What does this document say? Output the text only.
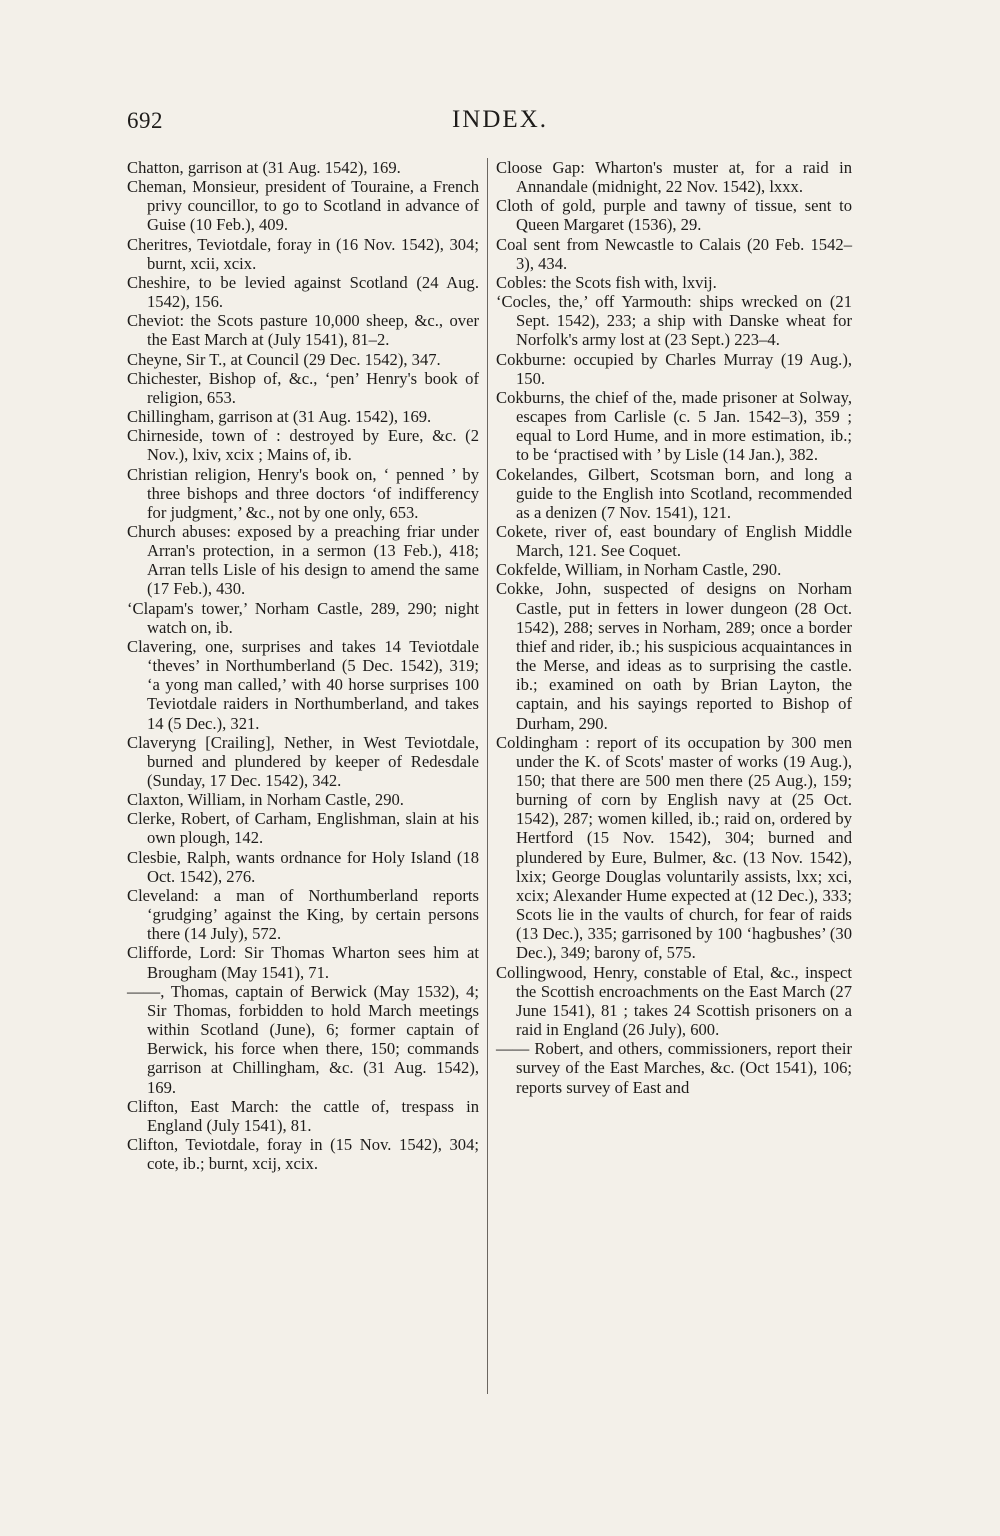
692	INDEX.

Chatton, garrison at (31 Aug. 1542), 169.

Cheman, Monsieur, president of Touraine, a French privy councillor, to go to Scotland in advance of Guise (10 Feb.), 409.

Cheritres, Teviotdale, foray in (16 Nov. 1542), 304; burnt, xcii, xcix.

Cheshire, to be levied against Scotland (24 Aug. 1542), 156.

Cheviot: the Scots pasture 10,000 sheep, &c., over the East March at (July 1541), 81–2.

Cheyne, Sir T., at Council (29 Dec. 1542), 347.

Chichester, Bishop of, &c., ‘pen’ Henry's book of religion, 653.

Chillingham, garrison at (31 Aug. 1542), 169.

Chirneside, town of : destroyed by Eure, &c. (2 Nov.), lxiv, xcix ; Mains of, ib.

Christian religion, Henry's book on, ‘ penned ’ by three bishops and three doctors ‘of indifferency for judgment,’ &c., not by one only, 653.

Church abuses: exposed by a preaching friar under Arran's protection, in a sermon (13 Feb.), 418; Arran tells Lisle of his design to amend the same (17 Feb.), 430.

‘Clapam's tower,’ Norham Castle, 289, 290; night watch on, ib.

Clavering, one, surprises and takes 14 Teviotdale ‘theves’ in Northumberland (5 Dec. 1542), 319; ‘a yong man called,’ with 40 horse surprises 100 Teviotdale raiders in Northumberland, and takes 14 (5 Dec.), 321.

Claveryng [Crailing], Nether, in West Teviotdale, burned and plundered by keeper of Redesdale (Sunday, 17 Dec. 1542), 342.

Claxton, William, in Norham Castle, 290.

Clerke, Robert, of Carham, Englishman, slain at his own plough, 142.

Clesbie, Ralph, wants ordnance for Holy Island (18 Oct. 1542), 276.

Cleveland: a man of Northumberland reports ‘grudging’ against the King, by certain persons there (14 July), 572.

Clifforde, Lord: Sir Thomas Wharton sees him at Brougham (May 1541), 71.

——, Thomas, captain of Berwick (May 1532), 4; Sir Thomas, forbidden to hold March meetings within Scotland (June), 6; former captain of Berwick, his force when there, 150; commands garrison at Chillingham, &c. (31 Aug. 1542), 169.

Clifton, East March: the cattle of, trespass in England (July 1541), 81.

Clifton, Teviotdale, foray in (15 Nov. 1542), 304; cote, ib.; burnt, xcij, xcix.

Cloose Gap: Wharton's muster at, for a raid in Annandale (midnight, 22 Nov. 1542), lxxx.

Cloth of gold, purple and tawny of tissue, sent to Queen Margaret (1536), 29.

Coal sent from Newcastle to Calais (20 Feb. 1542–3), 434.

Cobles: the Scots fish with, lxvij.

‘Cocles, the,’ off Yarmouth: ships wrecked on (21 Sept. 1542), 233; a ship with Danske wheat for Norfolk's army lost at (23 Sept.) 223–4.

Cokburne: occupied by Charles Murray (19 Aug.), 150.

Cokburns, the chief of the, made prisoner at Solway, escapes from Carlisle (c. 5 Jan. 1542–3), 359 ; equal to Lord Hume, and in more estimation, ib.; to be ‘practised with ’ by Lisle (14 Jan.), 382.

Cokelandes, Gilbert, Scotsman born, and long a guide to the English into Scotland, recommended as a denizen (7 Nov. 1541), 121.

Cokete, river of, east boundary of English Middle March, 121. See Coquet.

Cokfelde, William, in Norham Castle, 290.

Cokke, John, suspected of designs on Norham Castle, put in fetters in lower dungeon (28 Oct. 1542), 288; serves in Norham, 289; once a border thief and rider, ib.; his suspicious acquaintances in the Merse, and ideas as to surprising the castle. ib.; examined on oath by Brian Layton, the captain, and his sayings reported to Bishop of Durham, 290.

Coldingham : report of its occupation by 300 men under the K. of Scots' master of works (19 Aug.), 150; that there are 500 men there (25 Aug.), 159; burning of corn by English navy at (25 Oct. 1542), 287; women killed, ib.; raid on, ordered by Hertford (15 Nov. 1542), 304; burned and plundered by Eure, Bulmer, &c. (13 Nov. 1542), lxix; George Douglas voluntarily assists, lxx; xci, xcix; Alexander Hume expected at (12 Dec.), 333; Scots lie in the vaults of church, for fear of raids (13 Dec.), 335; garrisoned by 100 ‘hagbushes’ (30 Dec.), 349; barony of, 575.

Collingwood, Henry, constable of Etal, &c., inspect the Scottish encroachments on the East March (27 June 1541), 81 ; takes 24 Scottish prisoners on a raid in England (26 July), 600.

—— Robert, and others, commissioners, report their survey of the East Marches, &c. (Oct 1541), 106; reports survey of East and
